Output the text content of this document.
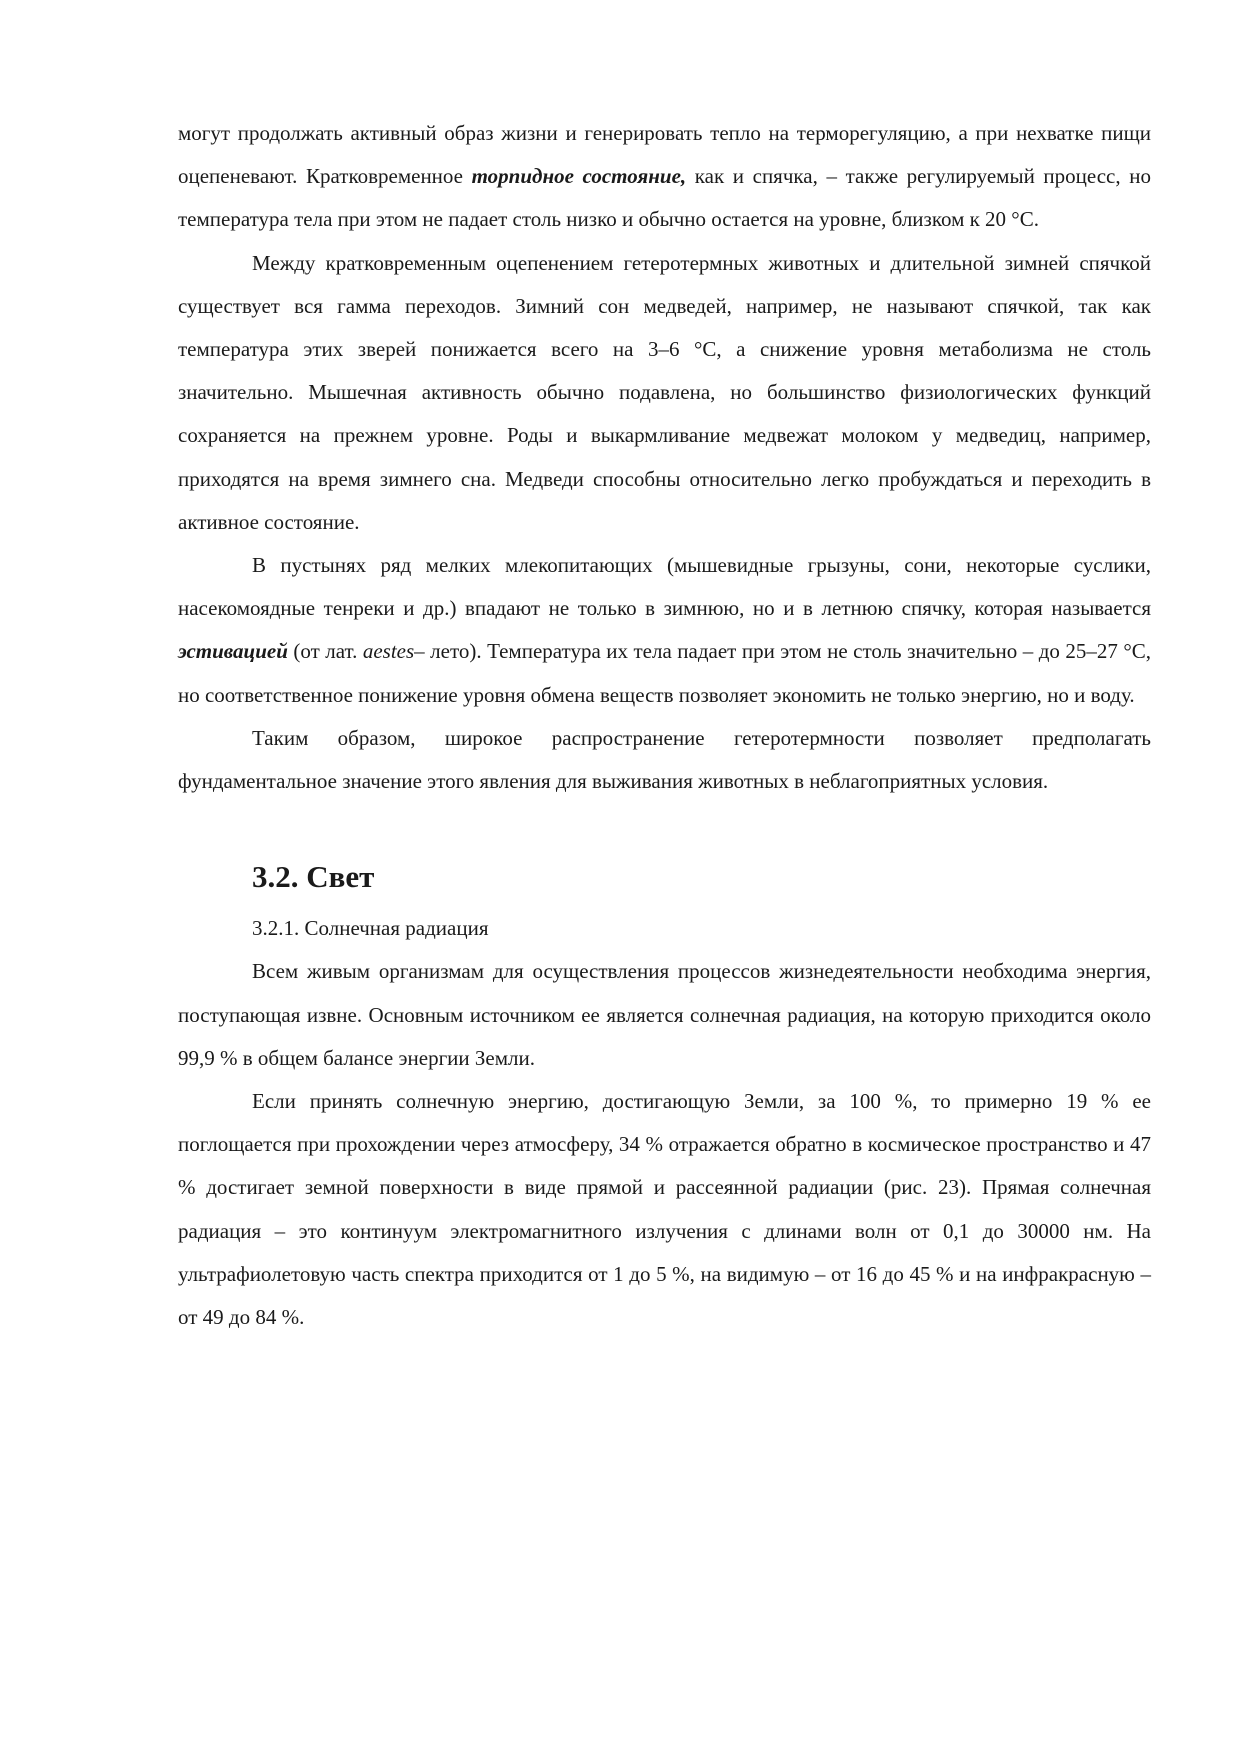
могут продолжать активный образ жизни и генерировать тепло на терморегуляцию, а при нехватке пищи оцепеневают. Кратковременное торпидное состояние, как и спячка, – также регулируемый процесс, но температура тела при этом не падает столь низко и обычно остается на уровне, близком к 20 °С.

Между кратковременным оцепенением гетеротермных животных и длительной зимней спячкой существует вся гамма переходов. Зимний сон медведей, например, не называют спячкой, так как температура этих зверей понижается всего на 3–6 °С, а снижение уровня метаболизма не столь значительно. Мышечная активность обычно подавлена, но большинство физиологических функций сохраняется на прежнем уровне. Роды и выкармливание медвежат молоком у медведиц, например, приходятся на время зимнего сна. Медведи способны относительно легко пробуждаться и переходить в активное состояние.

В пустынях ряд мелких млекопитающих (мышевидные грызуны, сони, некоторые суслики, насекомоядные тенреки и др.) впадают не только в зимнюю, но и в летнюю спячку, которая называется эстивацией (от лат. aestes– лето). Температура их тела падает при этом не столь значительно – до 25–27 °С, но соответственное понижение уровня обмена веществ позволяет экономить не только энергию, но и воду.

Таким образом, широкое распространение гетеротермности позволяет предполагать фундаментальное значение этого явления для выживания животных в неблагоприятных условия.

3.2. Свет
3.2.1. Солнечная радиация

Всем живым организмам для осуществления процессов жизнедеятельности необходима энергия, поступающая извне. Основным источником ее является солнечная радиация, на которую приходится около 99,9 % в общем балансе энергии Земли.

Если принять солнечную энергию, достигающую Земли, за 100 %, то примерно 19 % ее поглощается при прохождении через атмосферу, 34 % отражается обратно в космическое пространство и 47 % достигает земной поверхности в виде прямой и рассеянной радиации (рис. 23). Прямая солнечная радиация – это континуум электромагнитного излучения с длинами волн от 0,1 до 30000 нм. На ультрафиолетовую часть спектра приходится от 1 до 5 %, на видимую – от 16 до 45 % и на инфракрасную – от 49 до 84 %.
